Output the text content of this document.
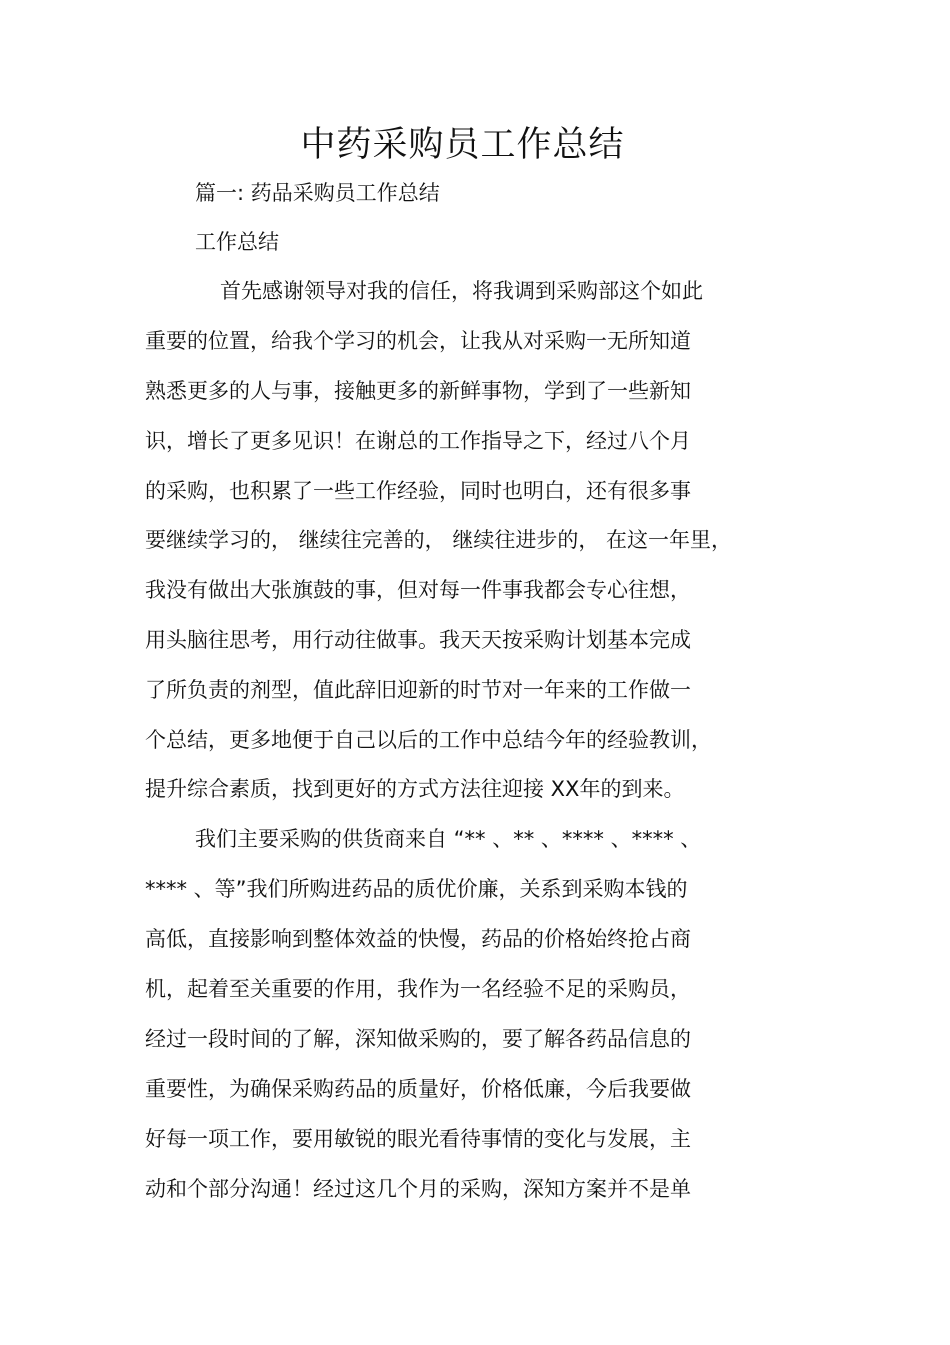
中药采购员工作总结
篇一: 药品采购员工作总结
工作总结
首先感谢领导对我的信任，将我调到采购部这个如此
重要的位置，给我个学习的机会，让我从对采购一无所知道
熟悉更多的人与事，接触更多的新鲜事物，学到了一些新知
识，增长了更多见识！在谢总的工作指导之下，经过八个月
的采购，也积累了一些工作经验，同时也明白，还有很多事
要继续学习的， 继续往完善的， 继续往进步的， 在这一年里，
我没有做出大张旗鼓的事，但对每一件事我都会专心往想，
用头脑往思考，用行动往做事。我天天按采购计划基本完成
了所负责的剂型，值此辞旧迎新的时节对一年来的工作做一
个总结，更多地便于自己以后的工作中总结今年的经验教训，
提升综合素质，找到更好的方式方法往迎接 XX年的到来。
我们主要采购的供货商来自 “** 、** 、**** 、**** 、
**** 、等”我们所购进药品的质优价廉，关系到采购本钱的
高低，直接影响到整体效益的快慢，药品的价格始终抢占商
机，起着至关重要的作用，我作为一名经验不足的采购员，
经过一段时间的了解，深知做采购的，要了解各药品信息的
重要性，为确保采购药品的质量好，价格低廉，今后我要做
好每一项工作，要用敏锐的眼光看待事情的变化与发展，主
动和个部分沟通！经过这几个月的采购，深知方案并不是单
